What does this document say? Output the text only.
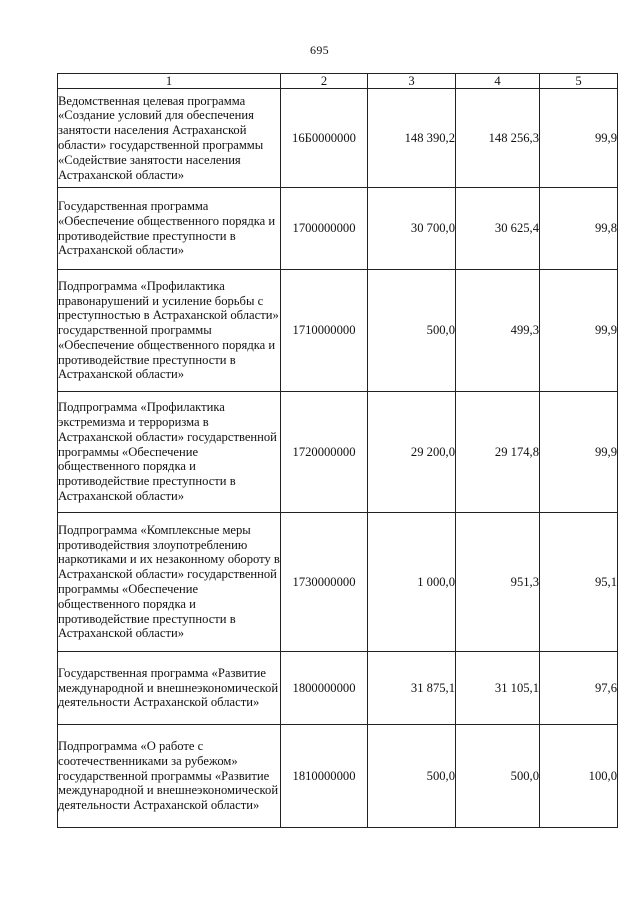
695
1	2	3	4	5
Ведомственная целевая программа «Создание условий для обеспечения занятости населения Астраханской области» государственной программы «Содействие занятости населения Астраханской области»	16Б0000000	148 390,2	148 256,3	99,9
Государственная программа «Обеспечение общественного порядка и противодействие преступности в Астраханской области»	1700000000	30 700,0	30 625,4	99,8
Подпрограмма «Профилактика правонарушений и усиление борьбы с преступностью в Астраханской области» государственной программы «Обеспечение общественного порядка и противодействие преступности в Астраханской области»	1710000000	500,0	499,3	99,9
Подпрограмма «Профилактика экстремизма и терроризма в Астраханской области» государственной программы «Обеспечение общественного порядка и противодействие преступности в Астраханской области»	1720000000	29 200,0	29 174,8	99,9
Подпрограмма «Комплексные меры противодействия злоупотреблению наркотиками и их незаконному обороту в Астраханской области» государственной программы «Обеспечение общественного порядка и противодействие преступности в Астраханской области»	1730000000	1 000,0	951,3	95,1
Государственная программа «Развитие международной и внешнеэкономической деятельности Астраханской области»	1800000000	31 875,1	31 105,1	97,6
Подпрограмма «О работе с соотечественниками за рубежом» государственной программы «Развитие международной и внешнеэкономической деятельности Астраханской области»	1810000000	500,0	500,0	100,0
